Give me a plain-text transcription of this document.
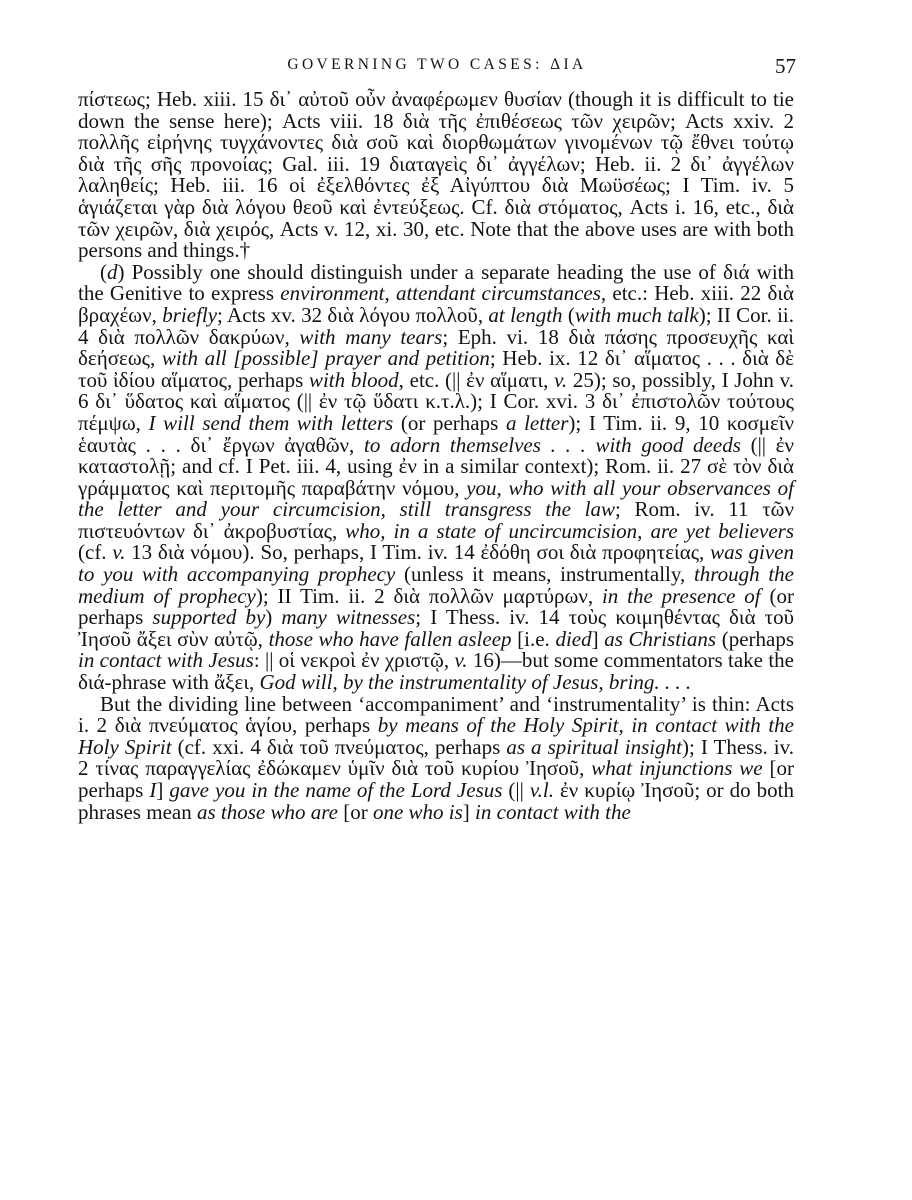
GOVERNING TWO CASES: ΔΙΑ	57

πίστεως; Heb. xiii. 15 δι᾽ αὐτοῦ οὖν ἀναφέρωμεν θυσίαν (though it is difficult to tie down the sense here); Acts viii. 18 διὰ τῆς ἐπιθέσεως τῶν χειρῶν; Acts xxiv. 2 πολλῆς εἰρήνης τυγχάνοντες διὰ σοῦ καὶ διορθωμάτων γινομένων τῷ ἔθνει τούτῳ διὰ τῆς σῆς προνοίας; Gal. iii. 19 διαταγεὶς δι᾽ ἀγγέλων; Heb. ii. 2 δι᾽ ἀγγέλων λαληθείς; Heb. iii. 16 οἱ ἐξελθόντες ἐξ Αἰγύπτου διὰ Μωϋσέως; I Tim. iv. 5 ἁγιάζεται γὰρ διὰ λόγου θεοῦ καὶ ἐντεύξεως. Cf. διὰ στόματος, Acts i. 16, etc., διὰ τῶν χειρῶν, διὰ χειρός, Acts v. 12, xi. 30, etc. Note that the above uses are with both persons and things.†

(d) Possibly one should distinguish under a separate heading the use of διά with the Genitive to express environment, attendant circumstances, etc.: Heb. xiii. 22 διὰ βραχέων, briefly; Acts xv. 32 διὰ λόγου πολλοῦ, at length (with much talk); II Cor. ii. 4 διὰ πολλῶν δακρύων, with many tears; Eph. vi. 18 διὰ πάσης προσευχῆς καὶ δεήσεως, with all [possible] prayer and petition; Heb. ix. 12 δι᾽ αἵματος . . . διὰ δὲ τοῦ ἰδίου αἵματος, perhaps with blood, etc. (|| ἐν αἵματι, v. 25); so, possibly, I John v. 6 δι᾽ ὕδατος καὶ αἵματος (|| ἐν τῷ ὕδατι κ.τ.λ.); I Cor. xvi. 3 δι᾽ ἐπιστολῶν τούτους πέμψω, I will send them with letters (or perhaps a letter); I Tim. ii. 9, 10 κοσμεῖν ἑαυτὰς . . . δι᾽ ἔργων ἀγαθῶν, to adorn themselves . . . with good deeds (|| ἐν καταστολῇ; and cf. I Pet. iii. 4, using ἐν in a similar context); Rom. ii. 27 σὲ τὸν διὰ γράμματος καὶ περιτομῆς παραβάτην νόμου, you, who with all your observances of the letter and your circumcision, still transgress the law; Rom. iv. 11 τῶν πιστευόντων δι᾽ ἀκροβυστίας, who, in a state of uncircumcision, are yet believers (cf. v. 13 διὰ νόμου). So, perhaps, I Tim. iv. 14 ἐδόθη σοι διὰ προφητείας, was given to you with accompanying prophecy (unless it means, instrumentally, through the medium of prophecy); II Tim. ii. 2 διὰ πολλῶν μαρτύρων, in the presence of (or perhaps supported by) many witnesses; I Thess. iv. 14 τοὺς κοιμηθέντας διὰ τοῦ Ἰησοῦ ἄξει σὺν αὐτῷ, those who have fallen asleep [i.e. died] as Christians (perhaps in contact with Jesus: || οἱ νεκροὶ ἐν χριστῷ, v. 16)—but some commentators take the διά-phrase with ἄξει, God will, by the instrumentality of Jesus, bring. . . .

But the dividing line between ‘accompaniment’ and ‘instrumentality’ is thin: Acts i. 2 διὰ πνεύματος ἁγίου, perhaps by means of the Holy Spirit, in contact with the Holy Spirit (cf. xxi. 4 διὰ τοῦ πνεύματος, perhaps as a spiritual insight); I Thess. iv. 2 τίνας παραγγελίας ἐδώκαμεν ὑμῖν διὰ τοῦ κυρίου Ἰησοῦ, what injunctions we [or perhaps I] gave you in the name of the Lord Jesus (|| v.l. ἐν κυρίῳ Ἰησοῦ; or do both phrases mean as those who are [or one who is] in contact with the
